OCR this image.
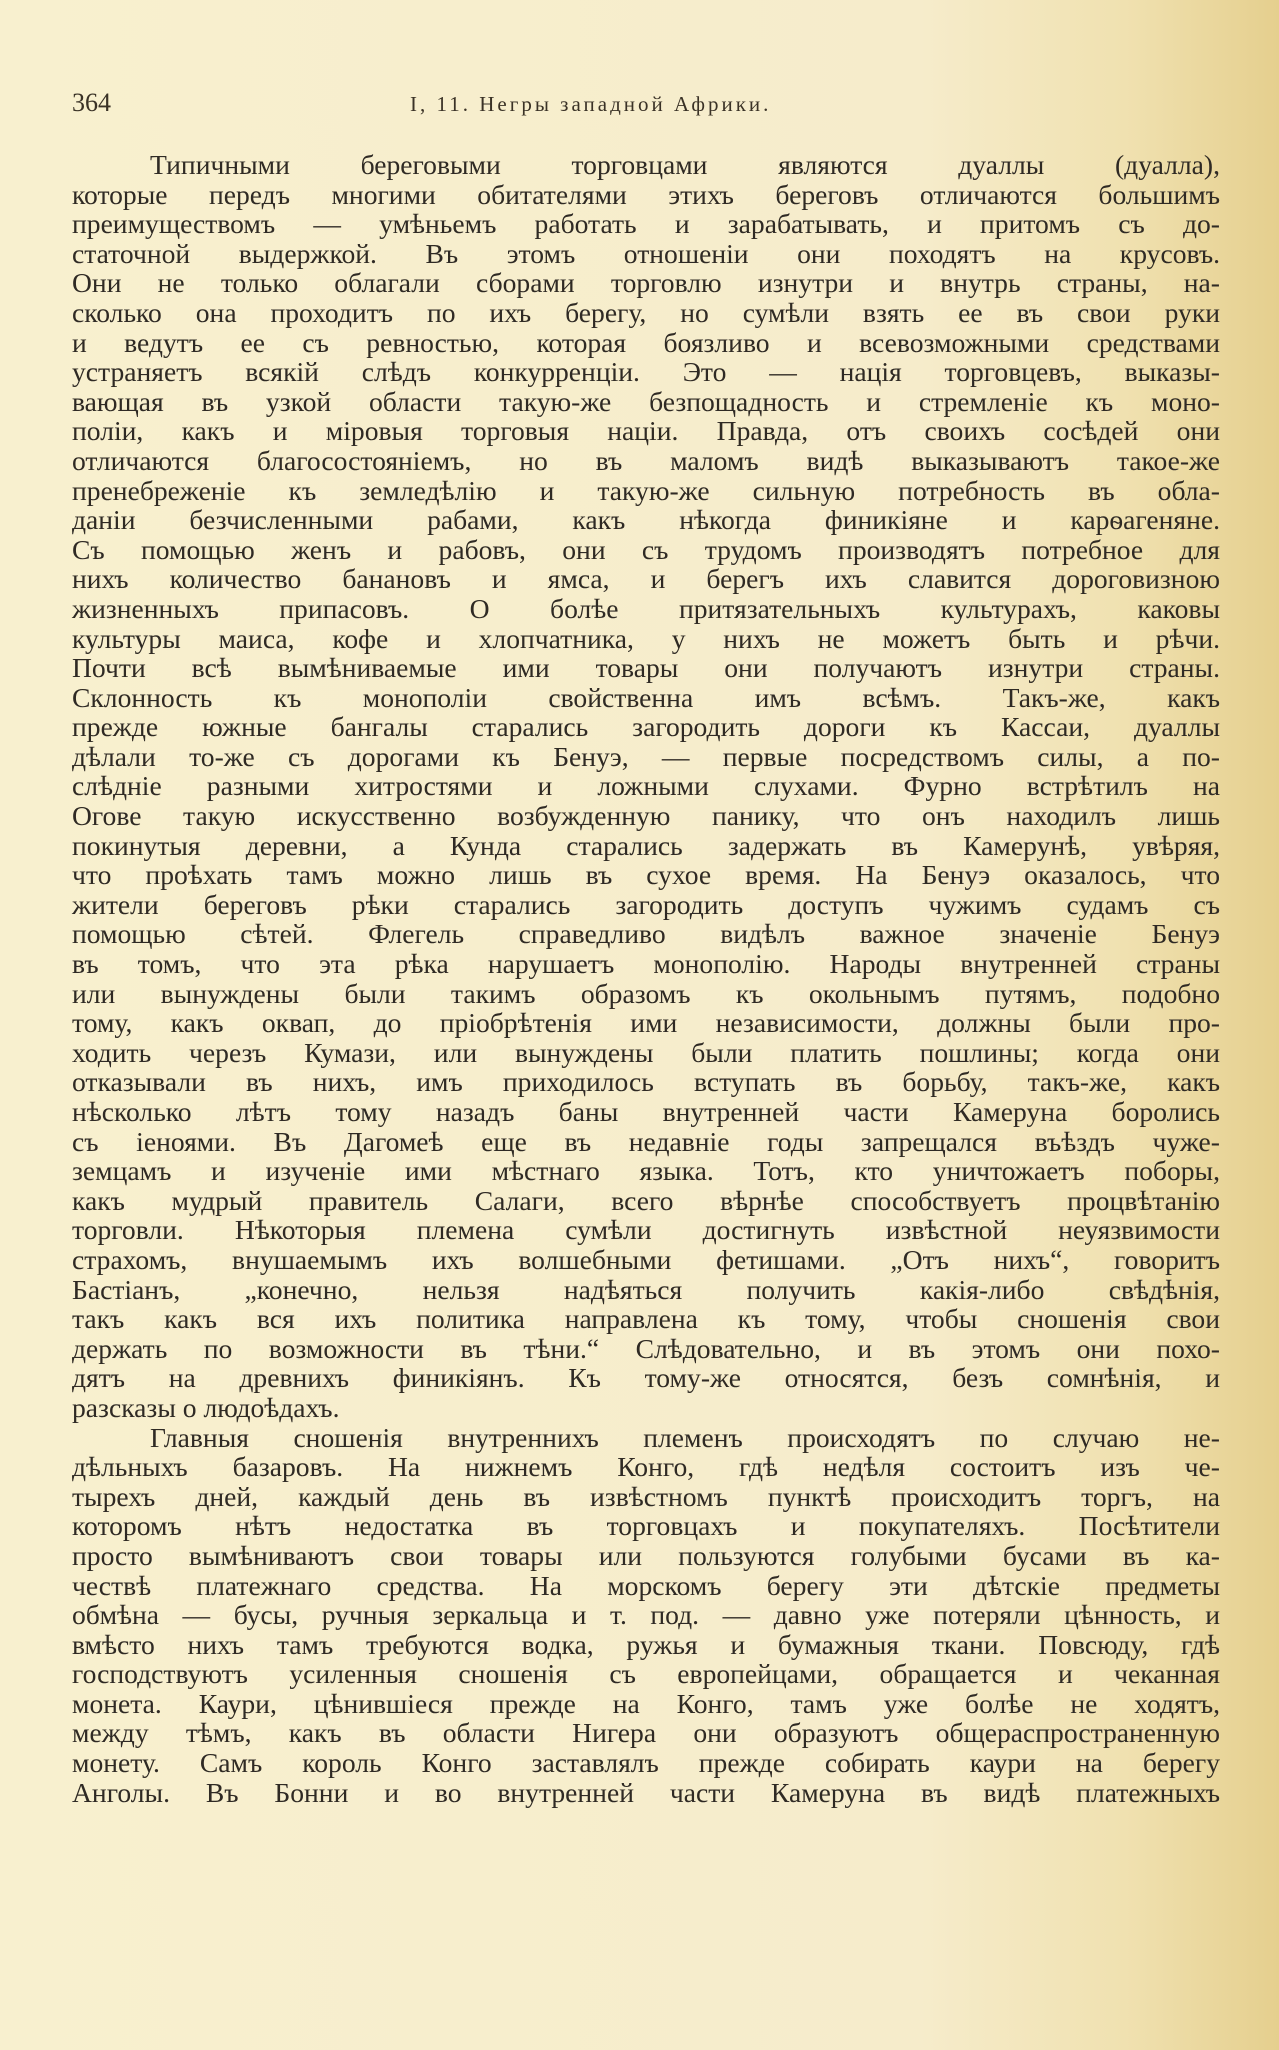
364	I, 11. Негры западной Африки.
Типичными береговыми торговцами являются дуаллы (дуалла),
которые передъ многими обитателями этихъ береговъ отличаются большимъ
преимуществомъ — умѣньемъ работать и зарабатывать, и притомъ съ до-
статочной выдержкой. Въ этомъ отношеніи они походятъ на крусовъ.
Они не только облагали сборами торговлю изнутри и внутрь страны, на-
сколько она проходитъ по ихъ берегу, но сумѣли взять ее въ свои руки
и ведутъ ее съ ревностью, которая боязливо и всевозможными средствами
устраняетъ всякій слѣдъ конкурренціи. Это — нація торговцевъ, выказы-
вающая въ узкой области такую-же безпощадность и стремленіе къ моно-
поліи, какъ и міровыя торговыя націи. Правда, отъ своихъ сосѣдей они
отличаются благосостояніемъ, но въ маломъ видѣ выказываютъ такое-же
пренебреженіе къ земледѣлію и такую-же сильную потребность въ обла-
даніи безчисленными рабами, какъ нѣкогда финикіяне и карѳагеняне.
Съ помощью женъ и рабовъ, они съ трудомъ производятъ потребное для
нихъ количество банановъ и ямса, и берегъ ихъ славится дороговизною
жизненныхъ припасовъ. О болѣе притязательныхъ культурахъ, каковы
культуры маиса, кофе и хлопчатника, у нихъ не можетъ быть и рѣчи.
Почти всѣ вымѣниваемые ими товары они получаютъ изнутри страны.
Склонность къ монополіи свойственна имъ всѣмъ. Такъ-же, какъ
прежде южные бангалы старались загородить дороги къ Кассаи, дуаллы
дѣлали то-же съ дорогами къ Бенуэ, — первые посредствомъ силы, а по-
слѣдніе разными хитростями и ложными слухами. Фурно встрѣтилъ на
Огове такую искусственно возбужденную панику, что онъ находилъ лишь
покинутыя деревни, а Кунда старались задержать въ Камерунѣ, увѣряя,
что проѣхать тамъ можно лишь въ сухое время. На Бенуэ оказалось, что
жители береговъ рѣки старались загородить доступъ чужимъ судамъ съ
помощью сѣтей. Флегель справедливо видѣлъ важное значеніе Бенуэ
въ томъ, что эта рѣка нарушаетъ монополію. Народы внутренней страны
или вынуждены были такимъ образомъ къ окольнымъ путямъ, подобно
тому, какъ оквап, до пріобрѣтенія ими независимости, должны были про-
ходить черезъ Кумази, или вынуждены были платить пошлины; когда они
отказывали въ нихъ, имъ приходилось вступать въ борьбу, такъ-же, какъ
нѣсколько лѣтъ тому назадъ баны внутренней части Камеруна боролись
съ іеноями. Въ Дагомеѣ еще въ недавніе годы запрещался въѣздъ чуже-
земцамъ и изученіе ими мѣстнаго языка. Тотъ, кто уничтожаетъ поборы,
какъ мудрый правитель Салаги, всего вѣрнѣе способствуетъ процвѣтанію
торговли. Нѣкоторыя племена сумѣли достигнуть извѣстной неуязвимости
страхомъ, внушаемымъ ихъ волшебными фетишами. „Отъ нихъ“, говоритъ
Бастіанъ, „конечно, нельзя надѣяться получить какія-либо свѣдѣнія,
такъ какъ вся ихъ политика направлена къ тому, чтобы сношенія свои
держать по возможности въ тѣни.“ Слѣдовательно, и въ этомъ они похо-
дятъ на древнихъ финикіянъ. Къ тому-же относятся, безъ сомнѣнія, и
разсказы о людоѣдахъ.
Главныя сношенія внутреннихъ племенъ происходятъ по случаю не-
дѣльныхъ базаровъ. На нижнемъ Конго, гдѣ недѣля состоитъ изъ че-
тырехъ дней, каждый день въ извѣстномъ пунктѣ происходитъ торгъ, на
которомъ нѣтъ недостатка въ торговцахъ и покупателяхъ. Посѣтители
просто вымѣниваютъ свои товары или пользуются голубыми бусами въ ка-
чествѣ платежнаго средства. На морскомъ берегу эти дѣтскіе предметы
обмѣна — бусы, ручныя зеркальца и т. под. — давно уже потеряли цѣнность, и
вмѣсто нихъ тамъ требуются водка, ружья и бумажныя ткани. Повсюду, гдѣ
господствуютъ усиленныя сношенія съ европейцами, обращается и чеканная
монета. Каури, цѣнившіеся прежде на Конго, тамъ уже болѣе не ходятъ,
между тѣмъ, какъ въ области Нигера они образуютъ общераспространенную
монету. Самъ король Конго заставлялъ прежде собирать каури на берегу
Анголы. Въ Бонни и во внутренней части Камеруна въ видѣ платежныхъ
